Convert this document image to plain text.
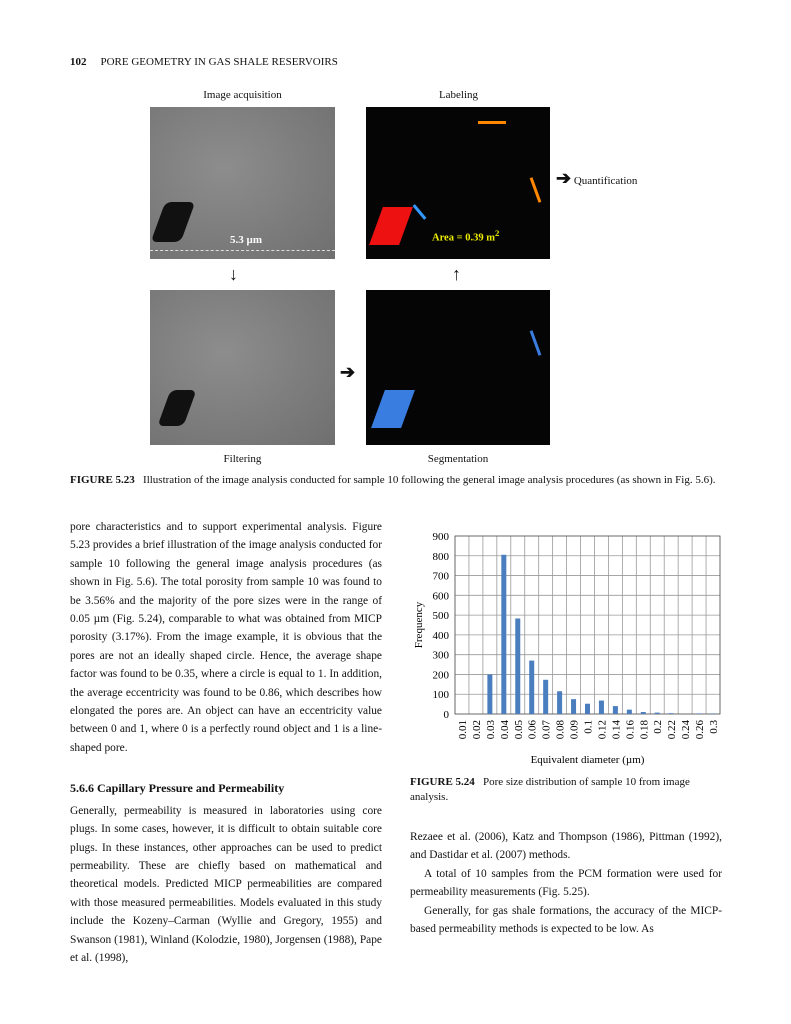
102 PORE GEOMETRY IN GAS SHALE RESERVOIRS
Image acquisition	Labeling
5.3 µm	Area = 0.39 $m^2$
➔ Quantification
↓	↑
➔
Filtering	Segmentation
FIGURE 5.23 Illustration of the image analysis conducted for sample 10 following the general image analysis procedures (as shown in Fig. 5.6).

pore characteristics and to support experimental analysis. Figure 5.23 provides a brief illustration of the image analysis conducted for sample 10 following the general image analysis procedures (as shown in Fig. 5.6). The total porosity from sample 10 was found to be 3.56% and the majority of the pore sizes were in the range of 0.05 µm (Fig. 5.24), comparable to what was obtained from MICP porosity (3.17%). From the image example, it is obvious that the pores are not an ideally shaped circle. Hence, the average shape factor was found to be 0.35, where a circle is equal to 1. In addition, the average eccentricity was found to be 0.86, which describes how elongated the pores are. An object can have an eccentricity value between 0 and 1, where 0 is a perfectly round object and 1 is a line-shaped pore.

5.6.6 Capillary Pressure and Permeability

Generally, permeability is measured in laboratories using core plugs. In some cases, however, it is difficult to obtain suitable core plugs. In these instances, other approaches can be used to predict permeability. These are chiefly based on mathematical and theoretical models. Predicted MICP permeabilities are compared with those measured permeabilities. Models evaluated in this study include the Kozeny–Carman (Wyllie and Gregory, 1955) and Swanson (1981), Winland (Kolodzie, 1980), Jorgensen (1988), Pape et al. (1998),

0
100
200
300
400
500
600
700
800
900
0.01 0.02 0.03 0.04 0.05 0.06 0.07 0.08 0.09 0.1 0.12 0.14 0.16 0.18 0.2 0.22 0.24 0.26 0.3
Equivalent diameter (µm)
Frequency
FIGURE 5.24 Pore size distribution of sample 10 from image analysis.

Rezaee et al. (2006), Katz and Thompson (1986), Pittman (1992), and Dastidar et al. (2007) methods.

A total of 10 samples from the PCM formation were used for permeability measurements (Fig. 5.25).

Generally, for gas shale formations, the accuracy of the MICP-based permeability methods is expected to be low. As
